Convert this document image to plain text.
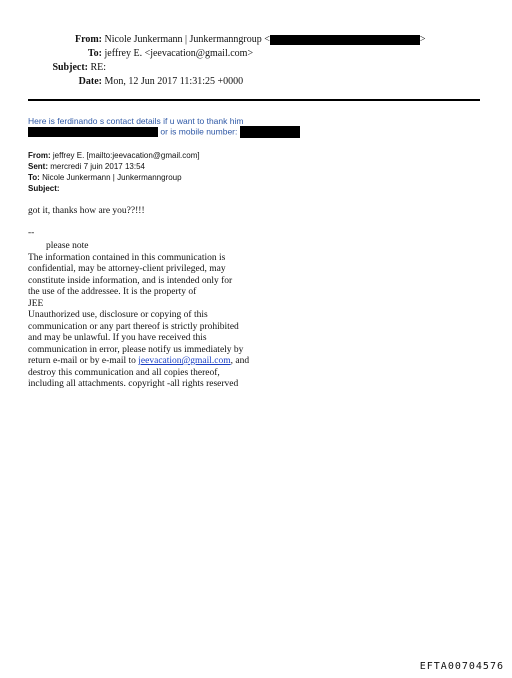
From: Nicole Junkermann | Junkermanngroup <	>
To: jeffrey E. <jeevacation@gmail.com>
Subject: RE:
Date: Mon, 12 Jun 2017 11:31:25 +0000
Here is ferdinando s contact details if u want to thank him
or is mobile number:
From: jeffrey E. [mailto:jeevacation@gmail.com]
Sent: mercredi 7 juin 2017 13:54
To: Nicole Junkermann | Junkermanngroup
Subject:
got it, thanks how are you??!!!
--
please note
The information contained in this communication is
confidential, may be attorney-client privileged, may
constitute inside information, and is intended only for
the use of the addressee. It is the property of
JEE
Unauthorized use, disclosure or copying of this
communication or any part thereof is strictly prohibited
and may be unlawful. If you have received this
communication in error, please notify us immediately by
return e-mail or by e-mail to jeevacation@gmail.com, and
destroy this communication and all copies thereof,
including all attachments. copyright -all rights reserved
EFTA00704576
